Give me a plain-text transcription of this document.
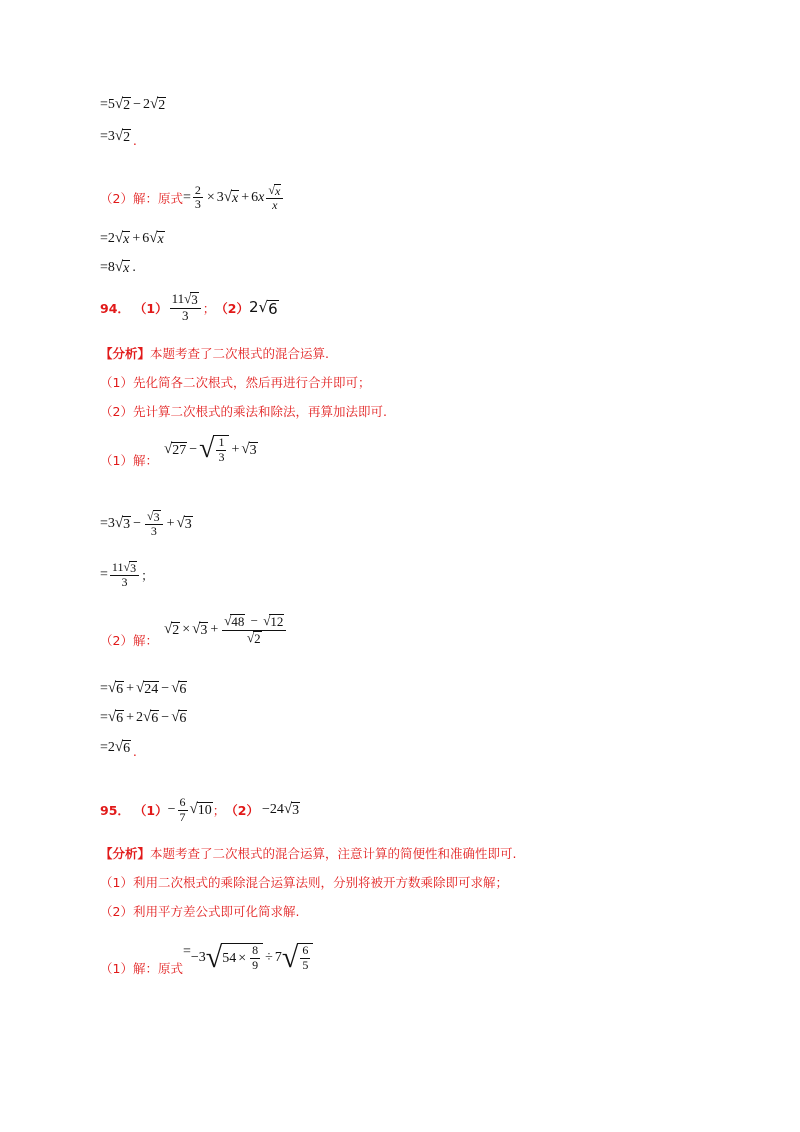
= 5 √ 2 − 2 √ 2
= 3 √ 2 .
（2）解：原式 = $\frac{2}{3} \times 3$ √ x + 6 x $\frac{√ x}{x}$
= 2 √ x + 6 √ x
= 8 √ x .
94． $(1) \frac{11 √ 3}{3}$ ； （2） 2 √ 6
【分析】 本题考查了二次根式的混合运算.
（1）先化简各二次根式，然后再进行合并即可；
（2）先计算二次根式的乘法和除法，再算加法即可.
（1）解：
√ 27 − √ $\frac{1}{3}$ + √ 3
= 3 √ $3 - \frac{√ 3}{3}$ + √ 3
= $\frac{11 √ 3}{3}$ ；
（2）解：
√ 2 × √ $3 + \frac{√ 48 - √ 12}{√ 2}$
= √ 6 + √ 24 − √ 6
= √ 6 + 2 √ 6 − √ 6
= 2 √ 6 .
95． $(1) - \frac{6}{7}$ √ 10 ； （2） −24 √ 3
【分析】 本题考查了二次根式的混合运算，注意计算的简便性和准确性即可.
（1）利用二次根式的乘除混合运算法则，分别将被开方数乘除即可求解；
（2）利用平方差公式即可化简求解.
（1）解：原式
= − 3 √ $54 \times \frac{8}{9} \div 7$ √ $\frac{6}{5}$
